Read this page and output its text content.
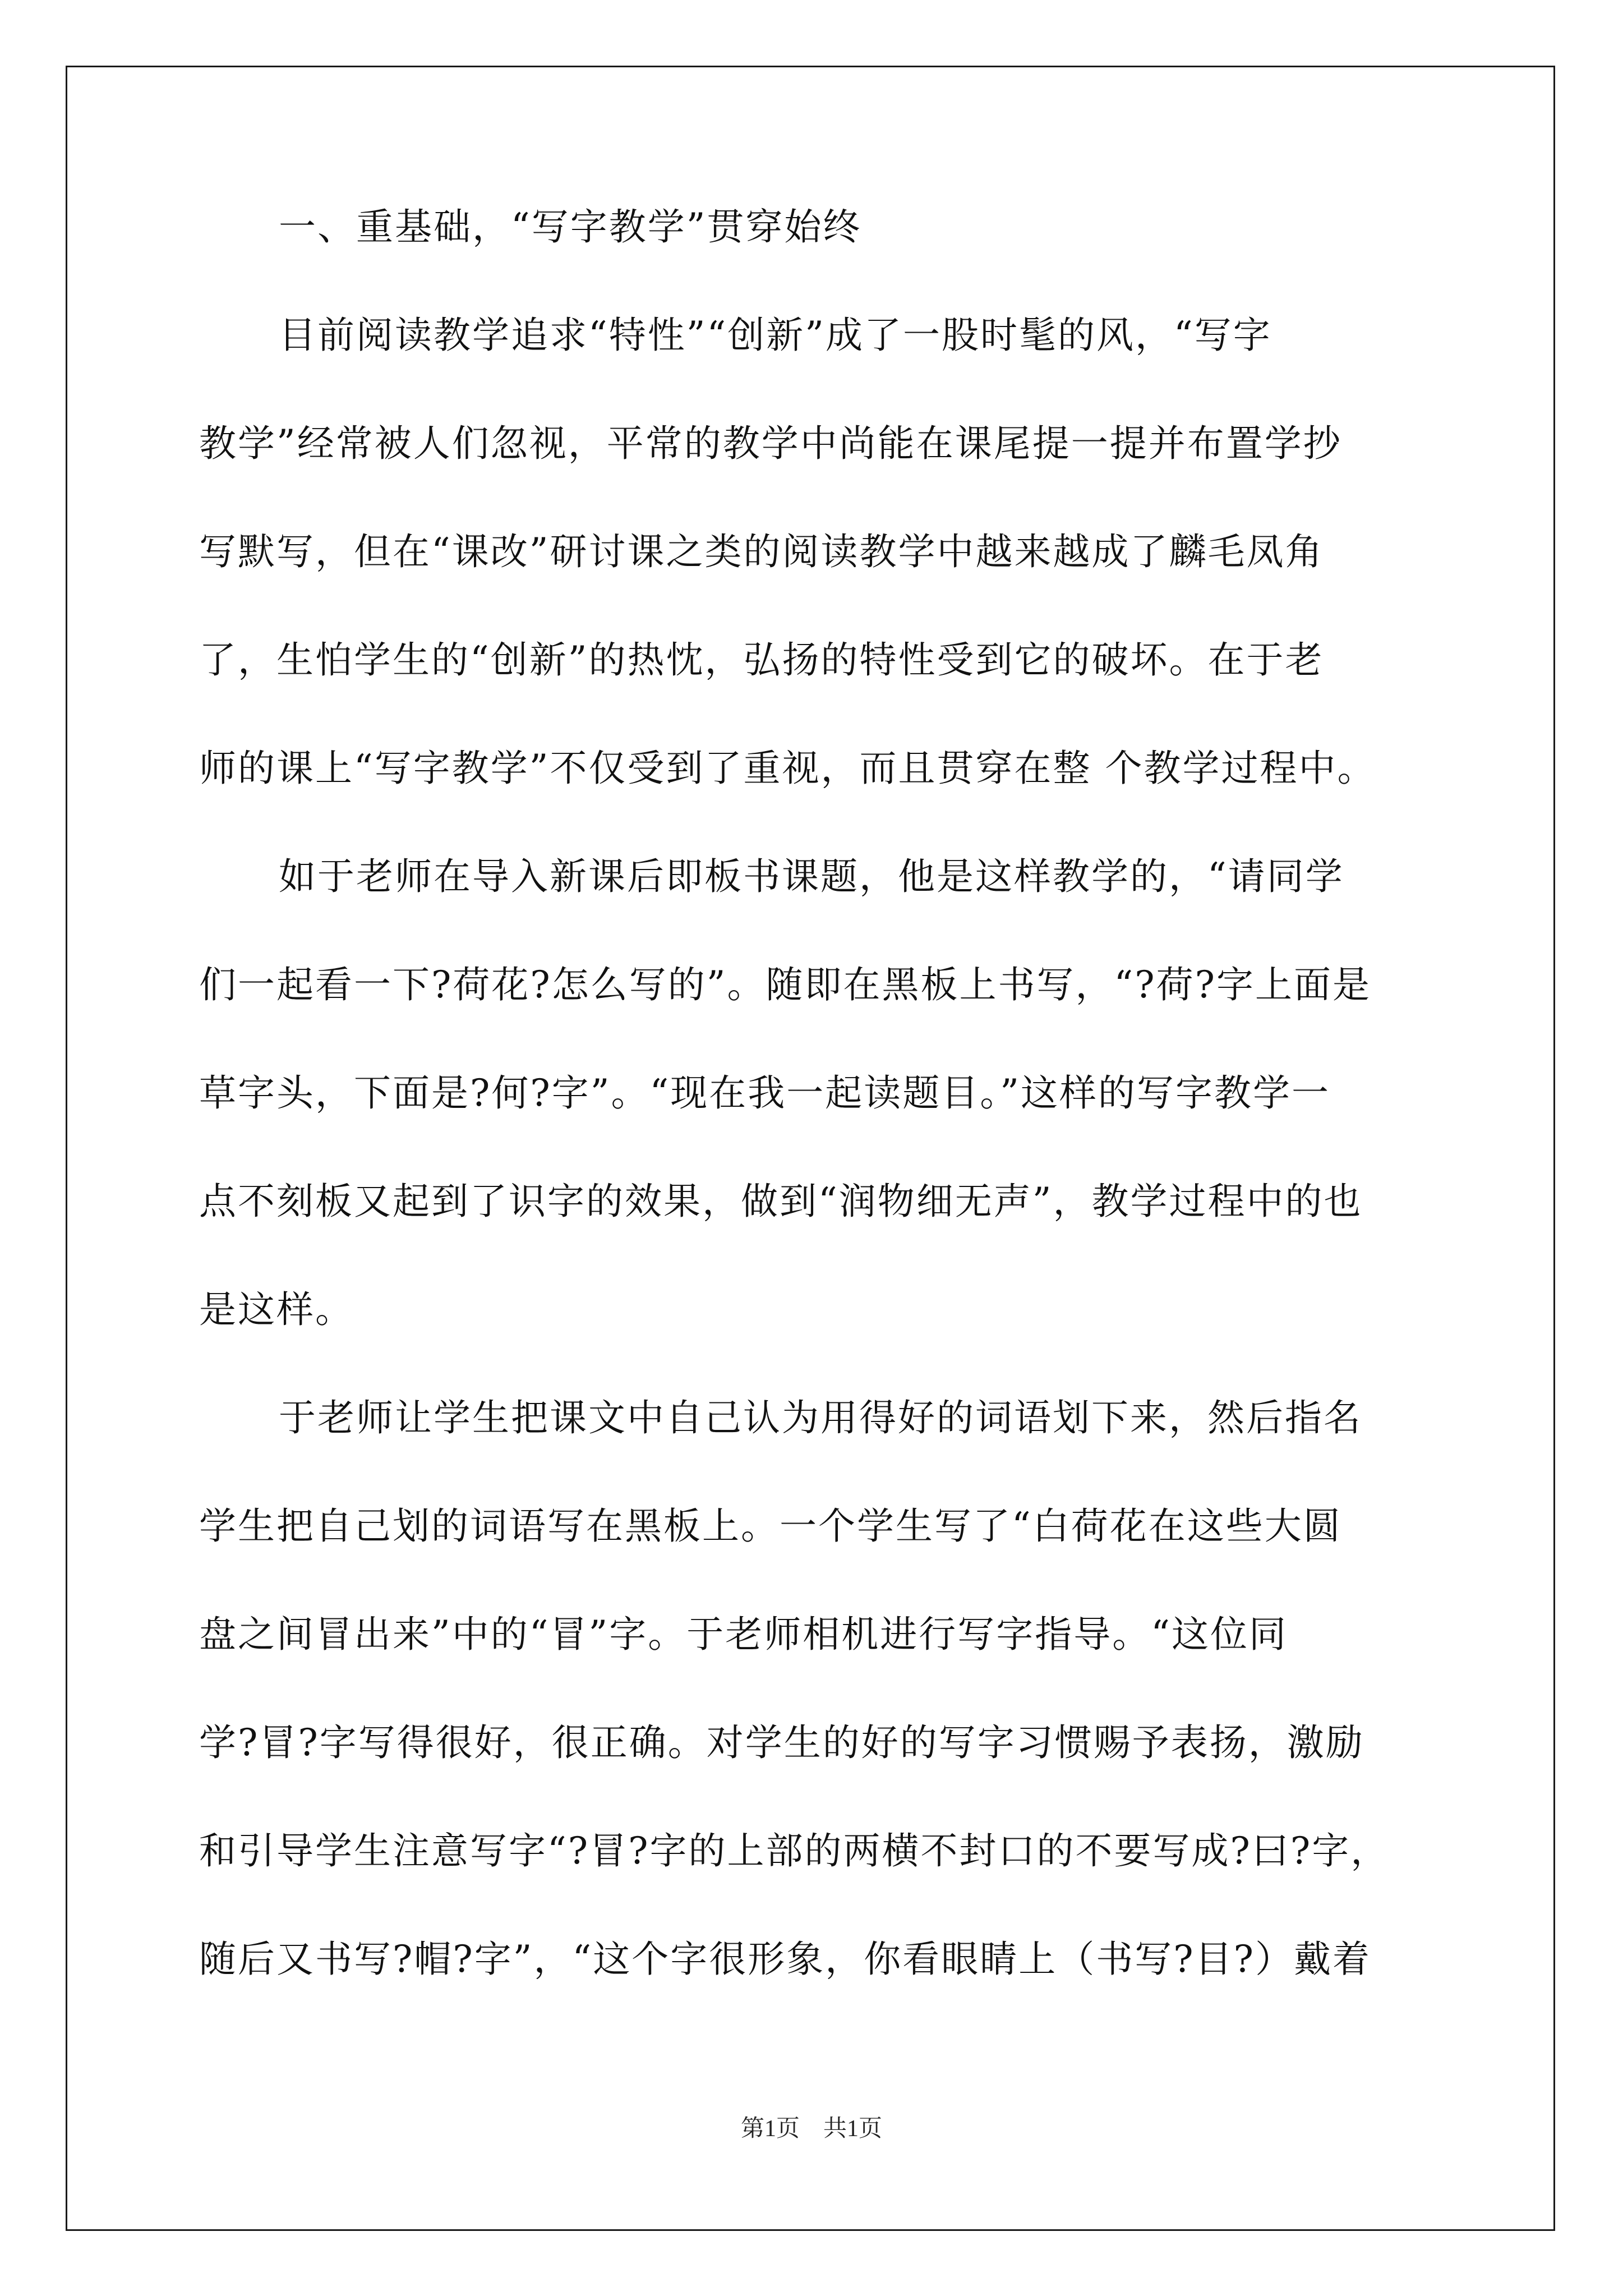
一、重基础，“写字教学”贯穿始终
目前阅读教学追求“特性”“创新”成了一股时髦的风，“写字
教学”经常被人们忽视，平常的教学中尚能在课尾提一提并布置学抄
写默写，但在“课改”研讨课之类的阅读教学中越来越成了麟毛凤角
了，生怕学生的“创新”的热忱，弘扬的特性受到它的破坏。在于老
师的课上“写字教学”不仅受到了重视，而且贯穿在整 个教学过程中。
如于老师在导入新课后即板书课题，他是这样教学的，“请同学
们一起看一下?荷花?怎么写的”。随即在黑板上书写，“?荷?字上面是
草字头，下面是?何?字”。“现在我一起读题目。”这样的写字教学一
点不刻板又起到了识字的效果，做到“润物细无声”，教学过程中的也
是这样。
于老师让学生把课文中自己认为用得好的词语划下来，然后指名
学生把自己划的词语写在黑板上。一个学生写了“白荷花在这些大圆
盘之间冒出来”中的“冒”字。于老师相机进行写字指导。“这位同
学?冒?字写得很好，很正确。对学生的好的写字习惯赐予表扬，激励
和引导学生注意写字“?冒?字的上部的两横不封口的不要写成?曰?字，
随后又书写?帽?字”，“这个字很形象，你看眼睛上（书写?目?）戴着
第1页　共1页
